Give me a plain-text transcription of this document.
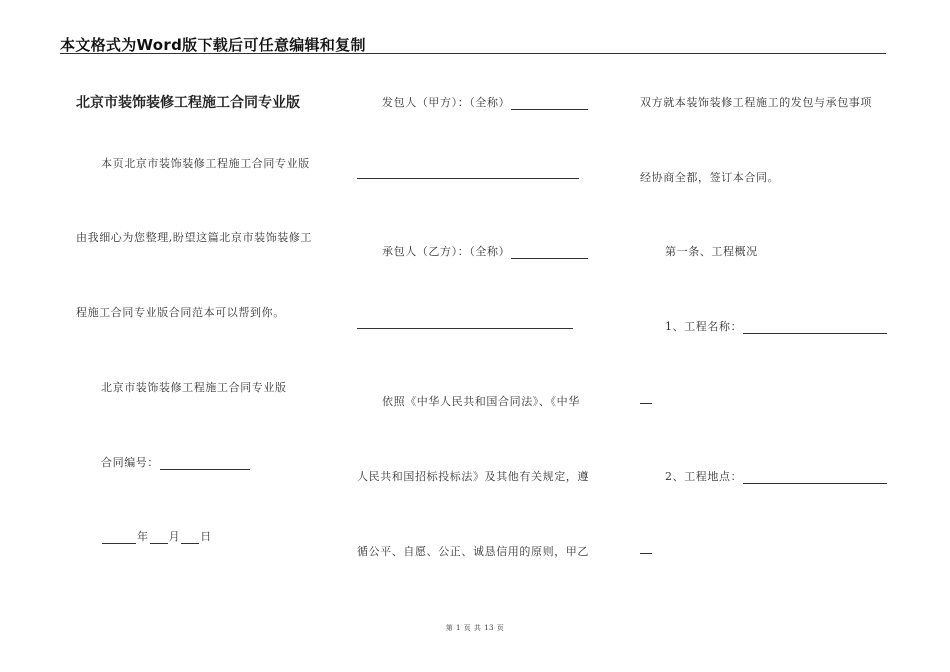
本文格式为Word版下载后可任意编辑和复制
北京市装饰装修工程施工合同专业版
本页北京市装饰装修工程施工合同专业版
由我细心为您整理,盼望这篇北京市装饰装修工
程施工合同专业版合同范本可以帮到你。
北京市装饰装修工程施工合同专业版
合同编号：
年 月 日
发包人（甲方）：（全称）
承包人（乙方）：（全称）
依照《中华人民共和国合同法》、《中华
人民共和国招标投标法》及其他有关规定，遵
循公平、自愿、公正、诚恳信用的原则，甲乙
双方就本装饰装修工程施工的发包与承包事项
经协商全都，签订本合同。
第一条、工程概况
1、工程名称：
2、工程地点：
第 1 页 共 13 页
